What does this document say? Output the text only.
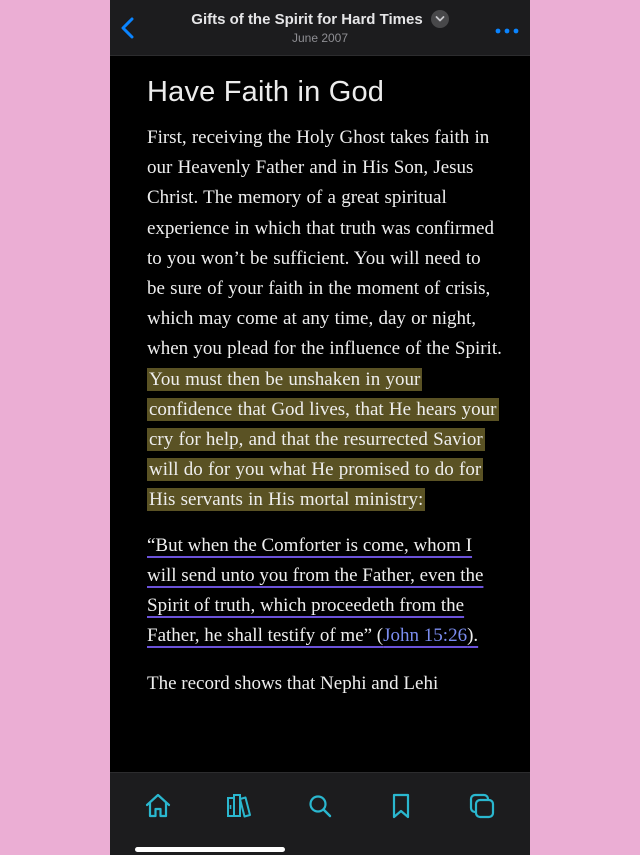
Gifts of the Spirit for Hard Times
June 2007
Have Faith in God

First, receiving the Holy Ghost takes faith in our Heavenly Father and in His Son, Jesus Christ. The memory of a great spiritual experience in which that truth was confirmed to you won’t be sufficient. You will need to be sure of your faith in the moment of crisis, which may come at any time, day or night, when you plead for the influence of the Spirit. You must then be unshaken in your confidence that God lives, that He hears your cry for help, and that the resurrected Savior will do for you what He promised to do for His servants in His mortal ministry:

“But when the Comforter is come, whom I will send unto you from the Father, even the Spirit of truth, which proceedeth from the Father, he shall testify of me” (John 15:26).

The record shows that Nephi and Lehi
